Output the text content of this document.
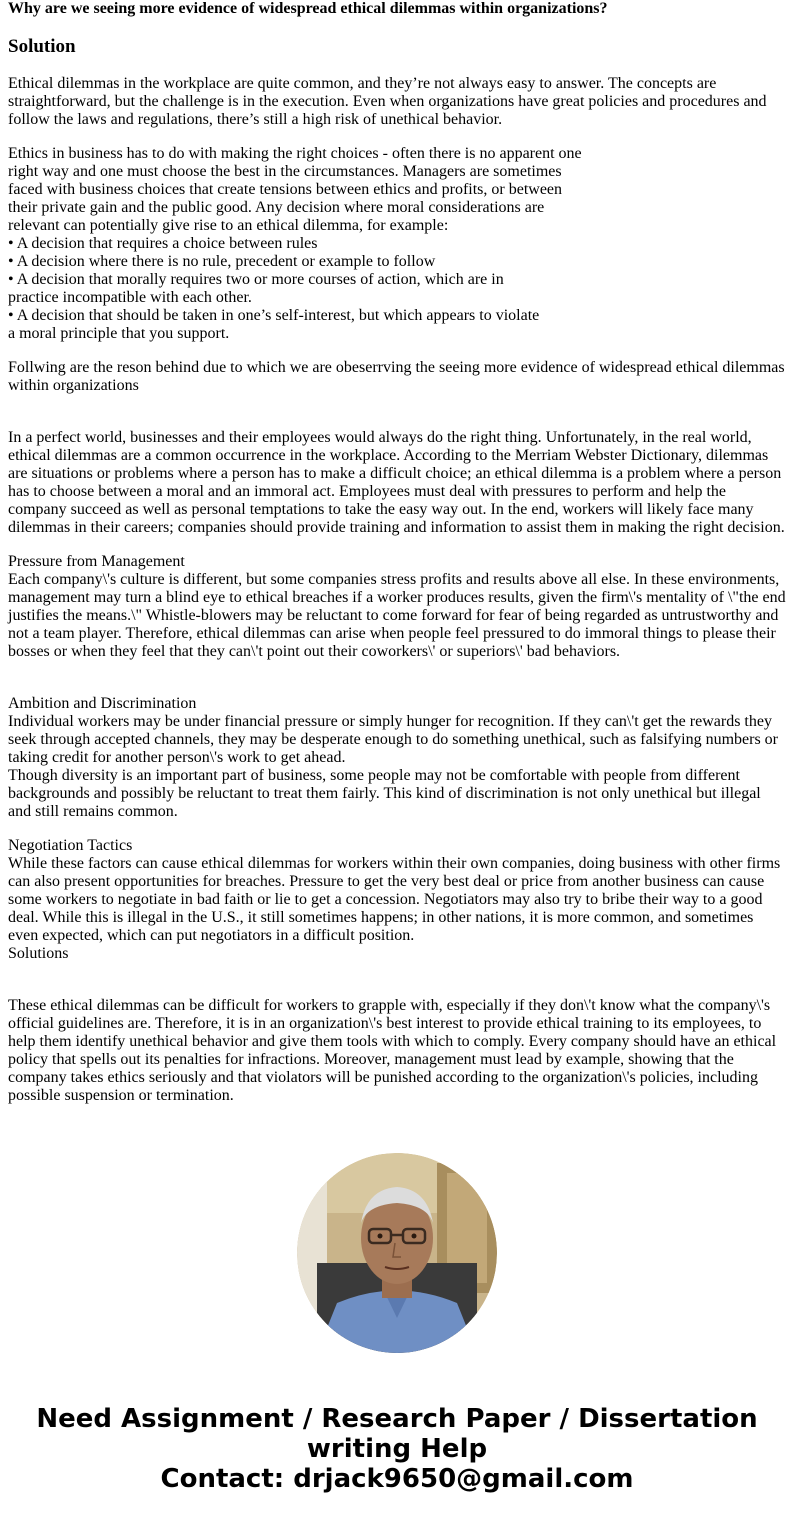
Why are we seeing more evidence of widespread ethical dilemmas within organizations?
Solution

Ethical dilemmas in the workplace are quite common, and they’re not always easy to answer. The concepts are straightforward, but the challenge is in the execution. Even when organizations have great policies and procedures and follow the laws and regulations, there’s still a high risk of unethical behavior.

Ethics in business has to do with making the right choices - often there is no apparent one
right way and one must choose the best in the circumstances. Managers are sometimes
faced with business choices that create tensions between ethics and profits, or between
their private gain and the public good. Any decision where moral considerations are
relevant can potentially give rise to an ethical dilemma, for example:
• A decision that requires a choice between rules
• A decision where there is no rule, precedent or example to follow
• A decision that morally requires two or more courses of action, which are in
practice incompatible with each other.
• A decision that should be taken in one’s self-interest, but which appears to violate
a moral principle that you support.

Follwing are the reson behind due to which we are obeserrving the seeing more evidence of widespread ethical dilemmas within organizations

In a perfect world, businesses and their employees would always do the right thing. Unfortunately, in the real world, ethical dilemmas are a common occurrence in the workplace. According to the Merriam Webster Dictionary, dilemmas are situations or problems where a person has to make a difficult choice; an ethical dilemma is a problem where a person has to choose between a moral and an immoral act. Employees must deal with pressures to perform and help the company succeed as well as personal temptations to take the easy way out. In the end, workers will likely face many dilemmas in their careers; companies should provide training and information to assist them in making the right decision.

Pressure from Management
Each company\'s culture is different, but some companies stress profits and results above all else. In these environments, management may turn a blind eye to ethical breaches if a worker produces results, given the firm\'s mentality of \"the end justifies the means.\" Whistle-blowers may be reluctant to come forward for fear of being regarded as untrustworthy and not a team player. Therefore, ethical dilemmas can arise when people feel pressured to do immoral things to please their bosses or when they feel that they can\'t point out their coworkers\' or superiors\' bad behaviors.

Ambition and Discrimination
Individual workers may be under financial pressure or simply hunger for recognition. If they can\'t get the rewards they seek through accepted channels, they may be desperate enough to do something unethical, such as falsifying numbers or taking credit for another person\'s work to get ahead.
Though diversity is an important part of business, some people may not be comfortable with people from different backgrounds and possibly be reluctant to treat them fairly. This kind of discrimination is not only unethical but illegal and still remains common.

Negotiation Tactics
While these factors can cause ethical dilemmas for workers within their own companies, doing business with other firms can also present opportunities for breaches. Pressure to get the very best deal or price from another business can cause some workers to negotiate in bad faith or lie to get a concession. Negotiators may also try to bribe their way to a good deal. While this is illegal in the U.S., it still sometimes happens; in other nations, it is more common, and sometimes even expected, which can put negotiators in a difficult position.
Solutions

These ethical dilemmas can be difficult for workers to grapple with, especially if they don\'t know what the company\'s official guidelines are. Therefore, it is in an organization\'s best interest to provide ethical training to its employees, to help them identify unethical behavior and give them tools with which to comply. Every company should have an ethical policy that spells out its penalties for infractions. Moreover, management must lead by example, showing that the company takes ethics seriously and that violators will be punished according to the organization\'s policies, including possible suspension or termination.

Need Assignment / Research Paper / Dissertation
writing Help
Contact: drjack9650@gmail.com
